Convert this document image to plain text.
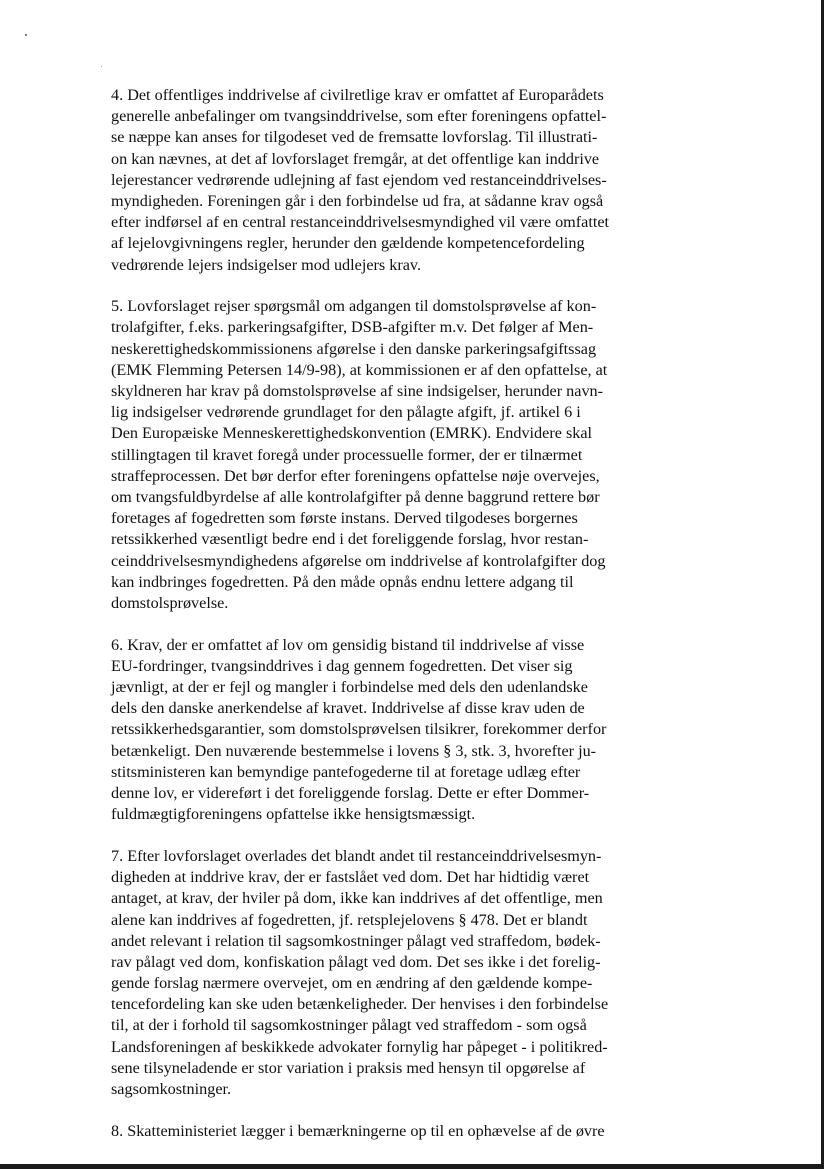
4. Det offentliges inddrivelse af civilretlige krav er omfattet af Europarådets
generelle anbefalinger om tvangsinddrivelse, som efter foreningens opfattel-
se næppe kan anses for tilgodeset ved de fremsatte lovforslag. Til illustrati-
on kan nævnes, at det af lovforslaget fremgår, at det offentlige kan inddrive
lejerestancer vedrørende udlejning af fast ejendom ved restanceinddrivelses-
myndigheden. Foreningen går i den forbindelse ud fra, at sådanne krav også
efter indførsel af en central restanceinddrivelsesmyndighed vil være omfattet
af lejelovgivningens regler, herunder den gældende kompetencefordeling
vedrørende lejers indsigelser mod udlejers krav.

5. Lovforslaget rejser spørgsmål om adgangen til domstolsprøvelse af kon-
trolafgifter, f.eks. parkeringsafgifter, DSB-afgifter m.v. Det følger af Men-
neskerettighedskommissionens afgørelse i den danske parkeringsafgiftssag
(EMK Flemming Petersen 14/9-98), at kommissionen er af den opfattelse, at
skyldneren har krav på domstolsprøvelse af sine indsigelser, herunder navn-
lig indsigelser vedrørende grundlaget for den pålagte afgift, jf. artikel 6 i
Den Europæiske Menneskerettighedskonvention (EMRK). Endvidere skal
stillingtagen til kravet foregå under processuelle former, der er tilnærmet
straffeprocessen. Det bør derfor efter foreningens opfattelse nøje overvejes,
om tvangsfuldbyrdelse af alle kontrolafgifter på denne baggrund rettere bør
foretages af fogedretten som første instans. Derved tilgodeses borgernes
retssikkerhed væsentligt bedre end i det foreliggende forslag, hvor restan-
ceinddrivelsesmyndighedens afgørelse om inddrivelse af kontrolafgifter dog
kan indbringes fogedretten. På den måde opnås endnu lettere adgang til
domstolsprøvelse.

6. Krav, der er omfattet af lov om gensidig bistand til inddrivelse af visse
EU-fordringer, tvangsinddrives i dag gennem fogedretten. Det viser sig
jævnligt, at der er fejl og mangler i forbindelse med dels den udenlandske
dels den danske anerkendelse af kravet. Inddrivelse af disse krav uden de
retssikkerhedsgarantier, som domstolsprøvelsen tilsikrer, forekommer derfor
betænkeligt. Den nuværende bestemmelse i lovens § 3, stk. 3, hvorefter ju-
stitsministeren kan bemyndige pantefogederne til at foretage udlæg efter
denne lov, er videreført i det foreliggende forslag. Dette er efter Dommer-
fuldmægtigforeningens opfattelse ikke hensigtsmæssigt.

7. Efter lovforslaget overlades det blandt andet til restanceinddrivelsesmyn-
digheden at inddrive krav, der er fastslået ved dom. Det har hidtidig været
antaget, at krav, der hviler på dom, ikke kan inddrives af det offentlige, men
alene kan inddrives af fogedretten, jf. retsplejelovens § 478. Det er blandt
andet relevant i relation til sagsomkostninger pålagt ved straffedom, bødek-
rav pålagt ved dom, konfiskation pålagt ved dom. Det ses ikke i det forelig-
gende forslag nærmere overvejet, om en ændring af den gældende kompe-
tencefordeling kan ske uden betænkeligheder. Der henvises i den forbindelse
til, at der i forhold til sagsomkostninger pålagt ved straffedom - som også
Landsforeningen af beskikkede advokater fornylig har påpeget - i politikred-
sene tilsyneladende er stor variation i praksis med hensyn til opgørelse af
sagsomkostninger.

8. Skatteministeriet lægger i bemærkningerne op til en ophævelse af de øvre
